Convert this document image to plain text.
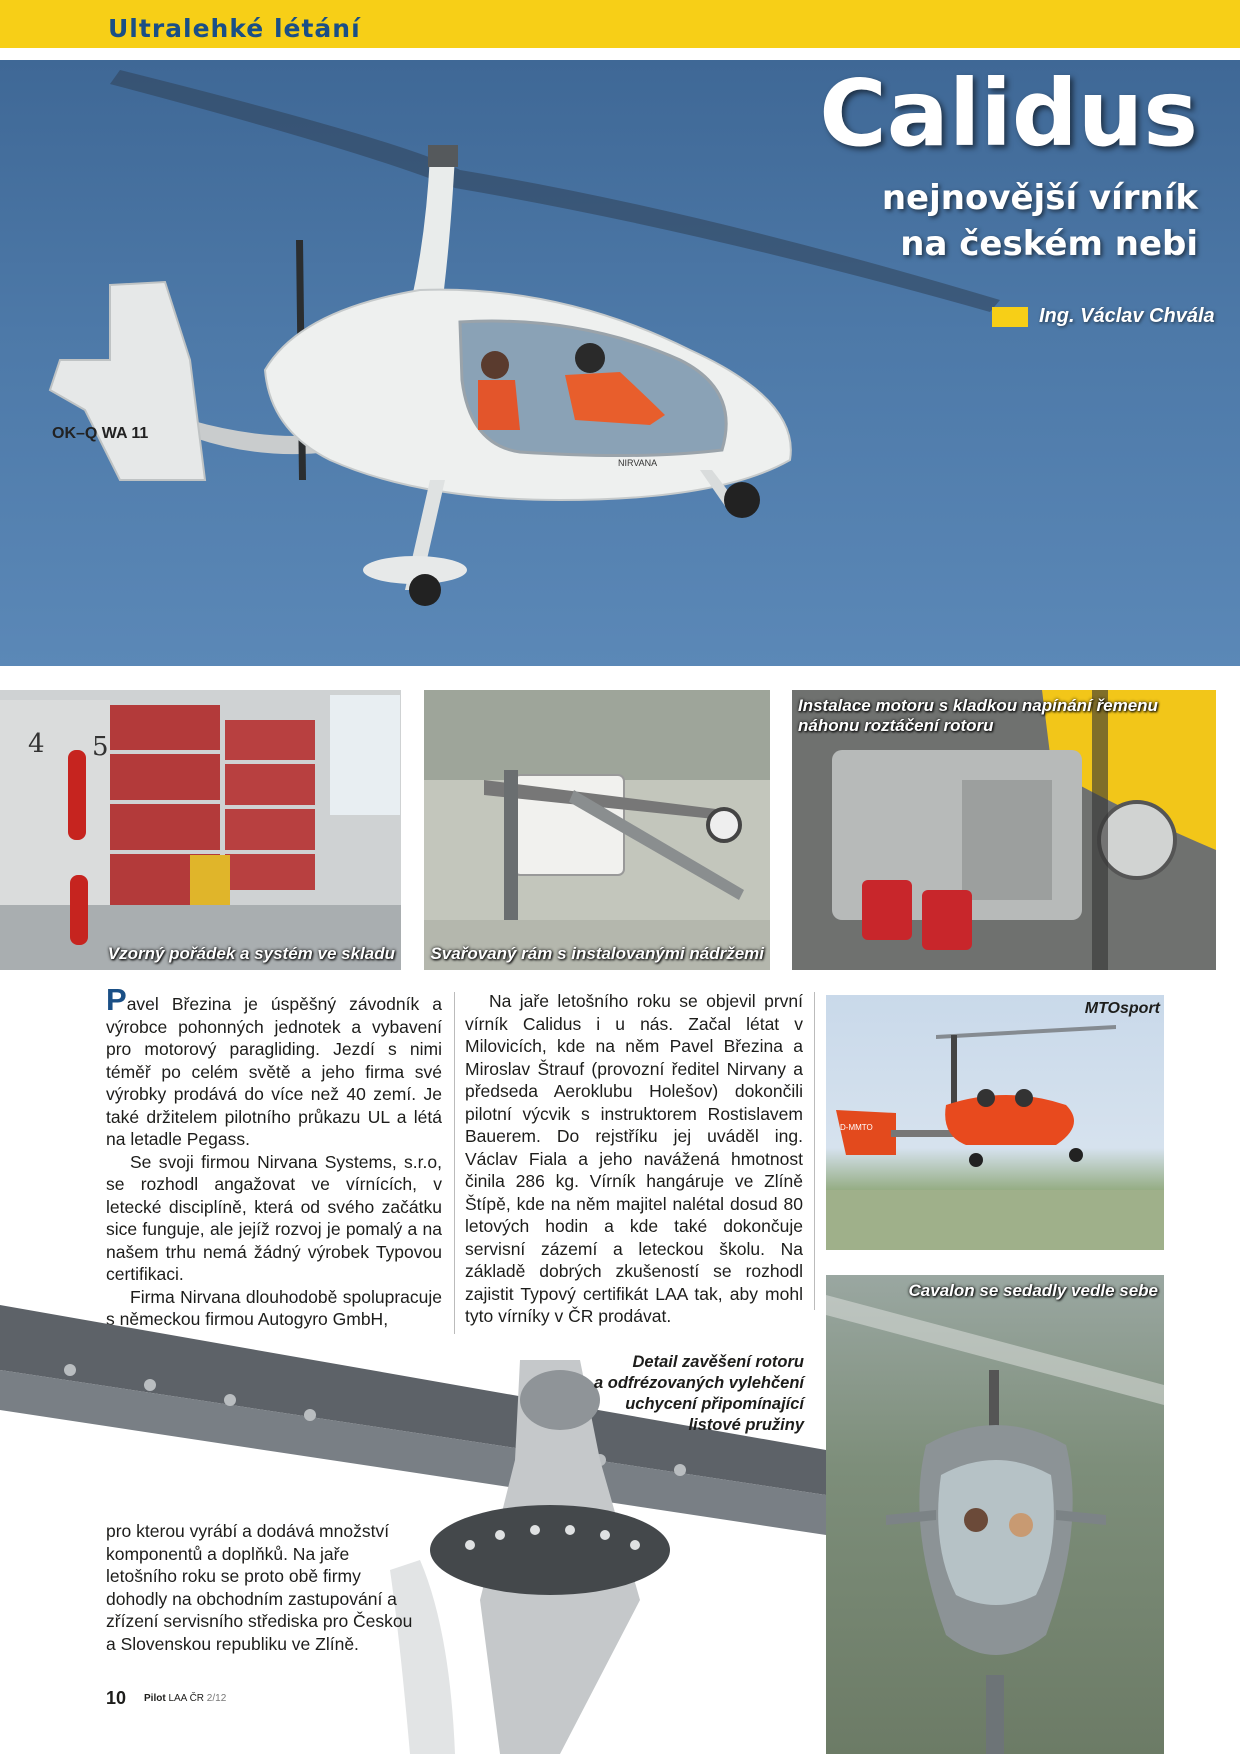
Ultralehké létání
OK–Q WA 11
NIRVANA
Calidus
nejnovější vírník
na českém nebi
Ing. Václav Chvála
4 5
Vzorný pořádek a systém ve skladu Svařovaný rám s instalovanými nádržemi
Instalace motoru s kladkou napínání řemenu
náhonu roztáčení rotoru
Pavel Březina je úspěšný závodník a výrobce pohonných jednotek a vybavení pro motorový paragliding. Jezdí s nimi téměř po celém světě a jeho firma své výrobky prodává do více než 40 zemí. Je také držitelem pilotního průkazu UL a létá na letadle Pegass.
Se svoji firmou Nirvana Systems, s.r.o, se rozhodl angažovat ve vírnících, v letecké disciplíně, která od svého začátku sice funguje, ale jejíž rozvoj je pomalý a na našem trhu nemá žádný výrobek Typovou certifikaci.
Firma Nirvana dlouhodobě spolupracuje s německou firmou Autogyro GmbH,
Na jaře letošního roku se objevil první vírník Calidus i u nás. Začal létat v Milovicích, kde na něm Pavel Březina a Miroslav Štrauf (provozní ředitel Nirvany a předseda Aeroklubu Holešov) dokončili pilotní výcvik s instruktorem Rostislavem Bauerem. Do rejstříku jej uváděl ing. Václav Fiala a jeho navážená hmotnost činila 286 kg. Vírník hangáruje ve Zlíně Štípě, kde na něm majitel nalétal dosud 80 letových hodin a kde také dokončuje servisní zázemí a leteckou školu. Na základě dobrých zkušeností se rozhodl zajistit Typový certifikát LAA tak, aby mohl tyto vírníky v ČR prodávat.
Detail zavěšení rotoru
a odfrézovaných vylehčení
uchycení připomínající
listové pružiny
pro kterou vyrábí a dodává množství komponentů a doplňků. Na jaře letošního roku se proto obě firmy dohodly na obchodním zastupování a zřízení servisního střediska pro Českou a Slovenskou republiku ve Zlíně.
D-MMTO
MTOsport
Cavalon se sedadly vedle sebe
10 Pilot LAA ČR 2/12
